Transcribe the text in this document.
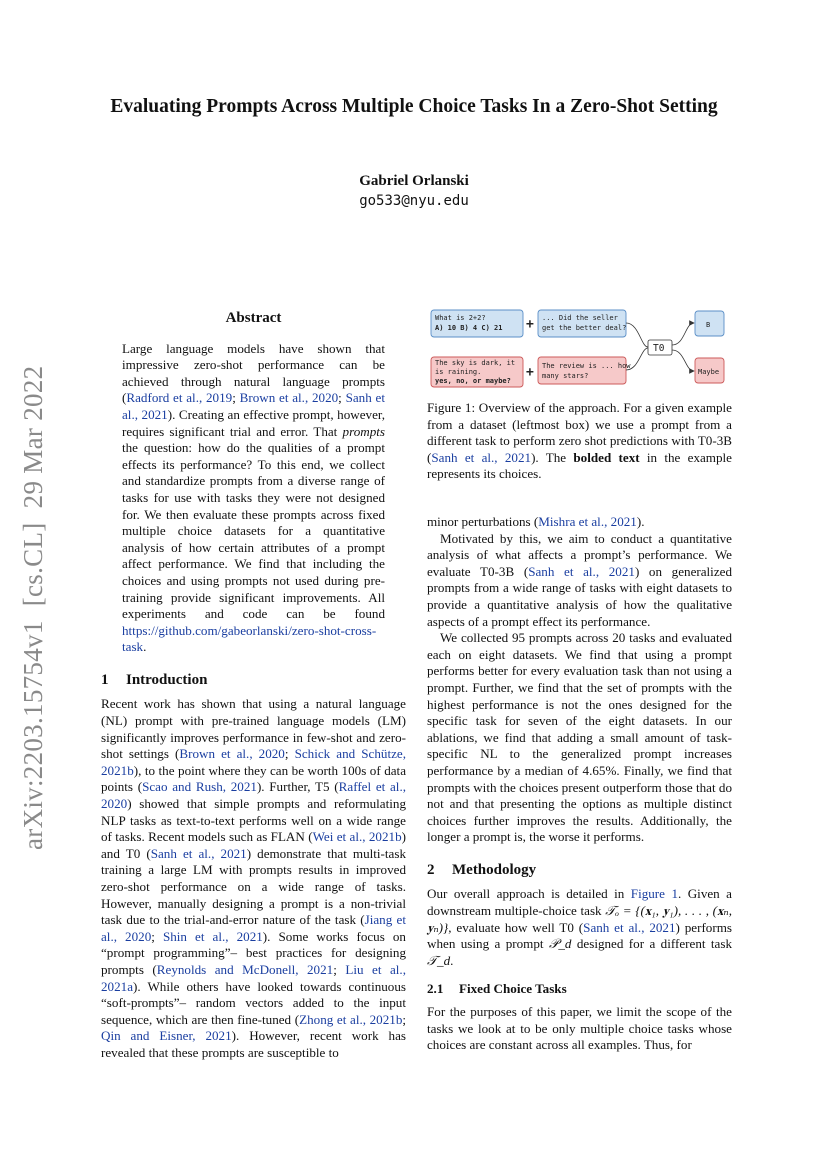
Evaluating Prompts Across Multiple Choice Tasks In a Zero-Shot Setting
Gabriel Orlanski
go533@nyu.edu
arXiv:2203.15754v1  [cs.CL]  29 Mar 2022
Abstract
Large language models have shown that impressive zero-shot performance can be achieved through natural language prompts (Radford et al., 2019; Brown et al., 2020; Sanh et al., 2021). Creating an effective prompt, however, requires significant trial and error. That prompts the question: how do the qualities of a prompt effects its performance? To this end, we collect and standardize prompts from a diverse range of tasks for use with tasks they were not designed for. We then evaluate these prompts across fixed multiple choice datasets for a quantitative analysis of how certain attributes of a prompt affect performance. We find that including the choices and using prompts not used during pre-training provide significant improvements. All experiments and code can be found https://github.com/gabeorlanski/zero-shot-cross-task.
1 Introduction

Recent work has shown that using a natural language (NL) prompt with pre-trained language models (LM) significantly improves performance in few-shot and zero-shot settings (Brown et al., 2020; Schick and Schütze, 2021b), to the point where they can be worth 100s of data points (Scao and Rush, 2021). Further, T5 (Raffel et al., 2020) showed that simple prompts and reformulating NLP tasks as text-to-text performs well on a wide range of tasks. Recent models such as FLAN (Wei et al., 2021b) and T0 (Sanh et al., 2021) demonstrate that multi-task training a large LM with prompts results in improved zero-shot performance on a wide range of tasks. However, manually designing a prompt is a non-trivial task due to the trial-and-error nature of the task (Jiang et al., 2020; Shin et al., 2021). Some works focus on “prompt programming”– best practices for designing prompts (Reynolds and McDonell, 2021; Liu et al., 2021a). While others have looked towards continuous “soft-prompts”– random vectors added to the input sequence, which are then fine-tuned (Zhong et al., 2021b; Qin and Eisner, 2021). However, recent work has revealed that these prompts are susceptible to

What is 2+2?
A) 10 B) 4 C) 21 + ... Did the seller
get the better deal?
The sky is dark, it
is raining.
yes, no, or maybe?
+ The review is ... how
many stars?
T0
B
Maybe
Figure 1: Overview of the approach. For a given example from a dataset (leftmost box) we use a prompt from a different task to perform zero shot predictions with T0-3B (Sanh et al., 2021). The bolded text in the example represents its choices.

minor perturbations (Mishra et al., 2021).

Motivated by this, we aim to conduct a quantitative analysis of what affects a prompt’s performance. We evaluate T0-3B (Sanh et al., 2021) on generalized prompts from a wide range of tasks with eight datasets to provide a quantitative analysis of how the qualitative aspects of a prompt effect its performance.

We collected 95 prompts across 20 tasks and evaluated each on eight datasets. We find that using a prompt performs better for every evaluation task than not using a prompt. Further, we find that the set of prompts with the highest performance is not the ones designed for the specific task for seven of the eight datasets. In our ablations, we find that adding a small amount of task-specific NL to the generalized prompt increases performance by a median of 4.65%. Finally, we find that prompts with the choices present outperform those that do not and that presenting the options as multiple distinct choices further improves the results. Additionally, the longer a prompt is, the worse it performs.

2 Methodology

Our overall approach is detailed in Figure 1. Given a downstream multiple-choice task 𝒯ₒ = {(𝐱₁, 𝐲₁), . . . , (𝐱ₙ, 𝐲ₙ)}, evaluate how well T0 (Sanh et al., 2021) performs when using a prompt 𝒫_d designed for a different task 𝒯_d.

2.1 Fixed Choice Tasks

For the purposes of this paper, we limit the scope of the tasks we look at to be only multiple choice tasks whose choices are constant across all examples. Thus, for
